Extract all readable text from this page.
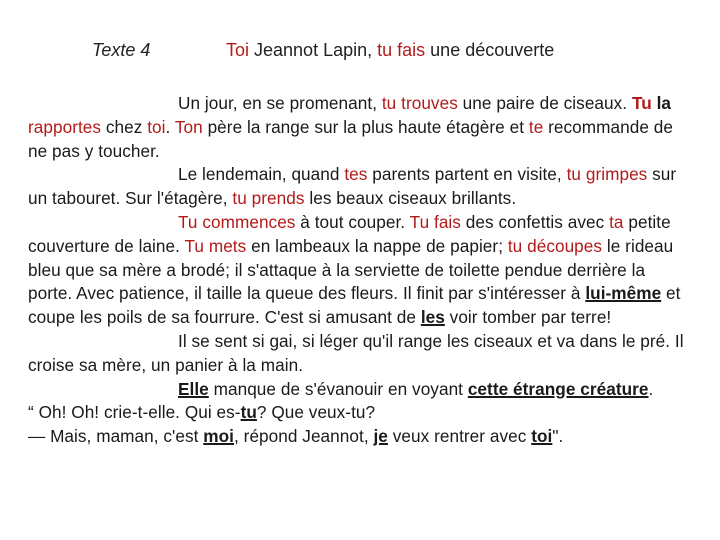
Texte 4	Toi Jeannot Lapin, tu fais une découverte

Un jour, en se promenant, tu trouves une paire de ciseaux. Tu la rapportes chez toi. Ton père la range sur la plus haute étagère et te recommande de ne pas y toucher.

Le lendemain, quand tes parents partent en visite, tu grimpes sur un tabouret. Sur l'étagère, tu prends les beaux ciseaux brillants.

Tu commences à tout couper. Tu fais des confettis avec ta petite couverture de laine. Tu mets en lambeaux la nappe de papier; tu découpes le rideau bleu que sa mère a brodé; il s'attaque à la serviette de toilette pendue derrière la porte. Avec patience, il taille la queue des fleurs. Il finit par s'intéresser à lui-même et coupe les poils de sa fourrure. C'est si amusant de les voir tomber par terre!

Il se sent si gai, si léger qu'il range les ciseaux et va dans le pré. Il croise sa mère, un panier à la main.

Elle manque de s'évanouir en voyant cette étrange créature.

“ Oh! Oh! crie-t-elle. Qui es-tu? Que veux-tu?

— Mais, maman, c'est moi, répond Jeannot, je veux rentrer avec toi".
